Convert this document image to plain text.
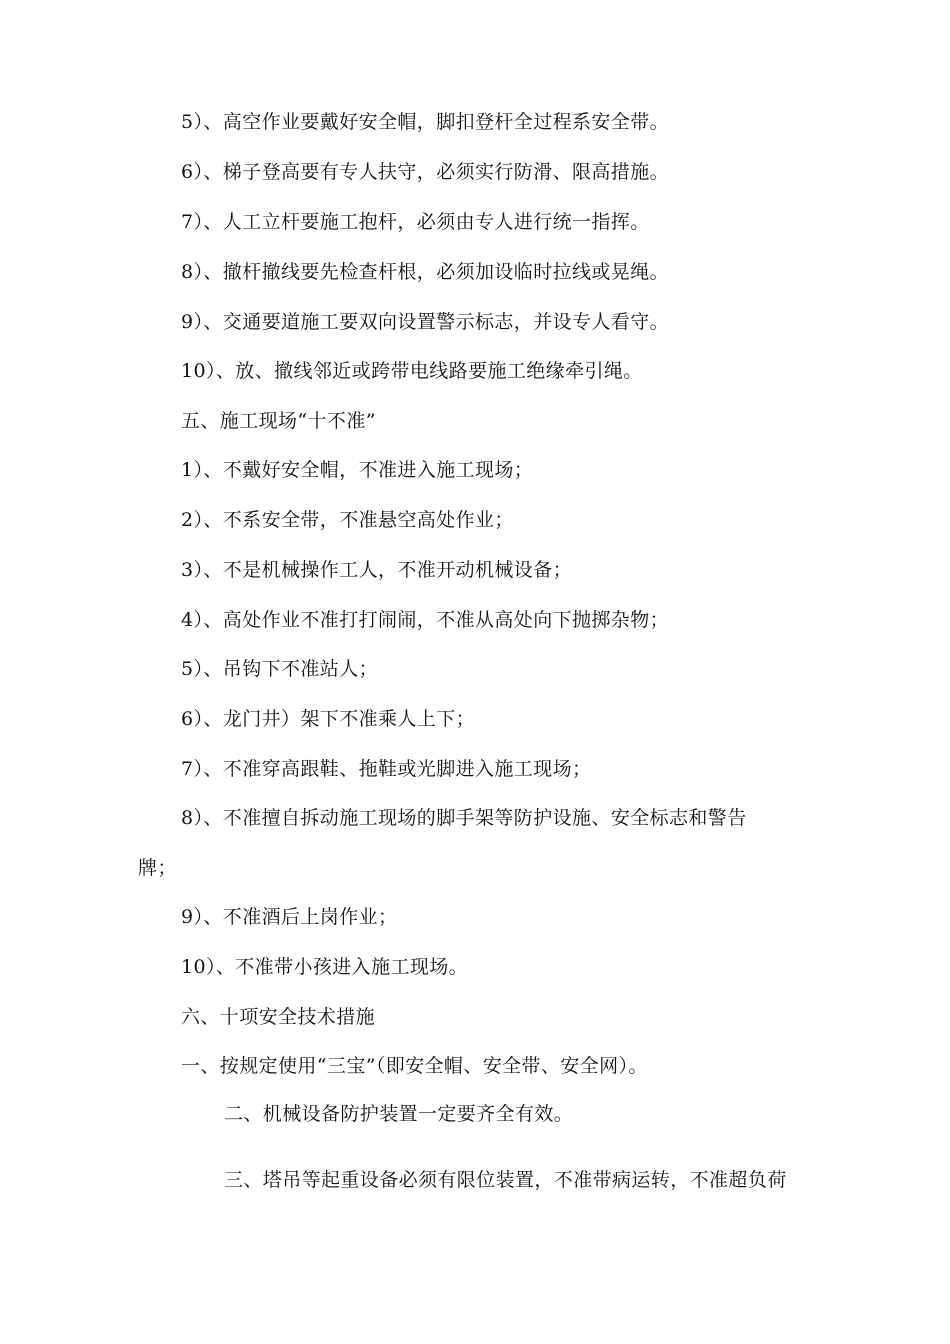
5）、高空作业要戴好安全帽，脚扣登杆全过程系安全带。
6）、梯子登高要有专人扶守，必须实行防滑、限高措施。
7）、人工立杆要施工抱杆，必须由专人进行统一指挥。
8）、撤杆撤线要先检查杆根，必须加设临时拉线或晃绳。
9）、交通要道施工要双向设置警示标志，并设专人看守。
10）、放、撤线邻近或跨带电线路要施工绝缘牵引绳。
五、施工现场“十不准”
1）、不戴好安全帽，不准进入施工现场；
2）、不系安全带，不准悬空高处作业；
3）、不是机械操作工人，不准开动机械设备；
4）、高处作业不准打打闹闹，不准从高处向下抛掷杂物；
5）、吊钩下不准站人；
6）、龙门井）架下不准乘人上下；
7）、不准穿高跟鞋、拖鞋或光脚进入施工现场；
8）、不准擅自拆动施工现场的脚手架等防护设施、安全标志和警告
牌；
9）、不准酒后上岗作业；
10）、不准带小孩进入施工现场。
六、十项安全技术措施
一、按规定使用“三宝”（即安全帽、安全带、安全网）。
二、机械设备防护装置一定要齐全有效。
三、塔吊等起重设备必须有限位装置，不准带病运转，不准超负荷
